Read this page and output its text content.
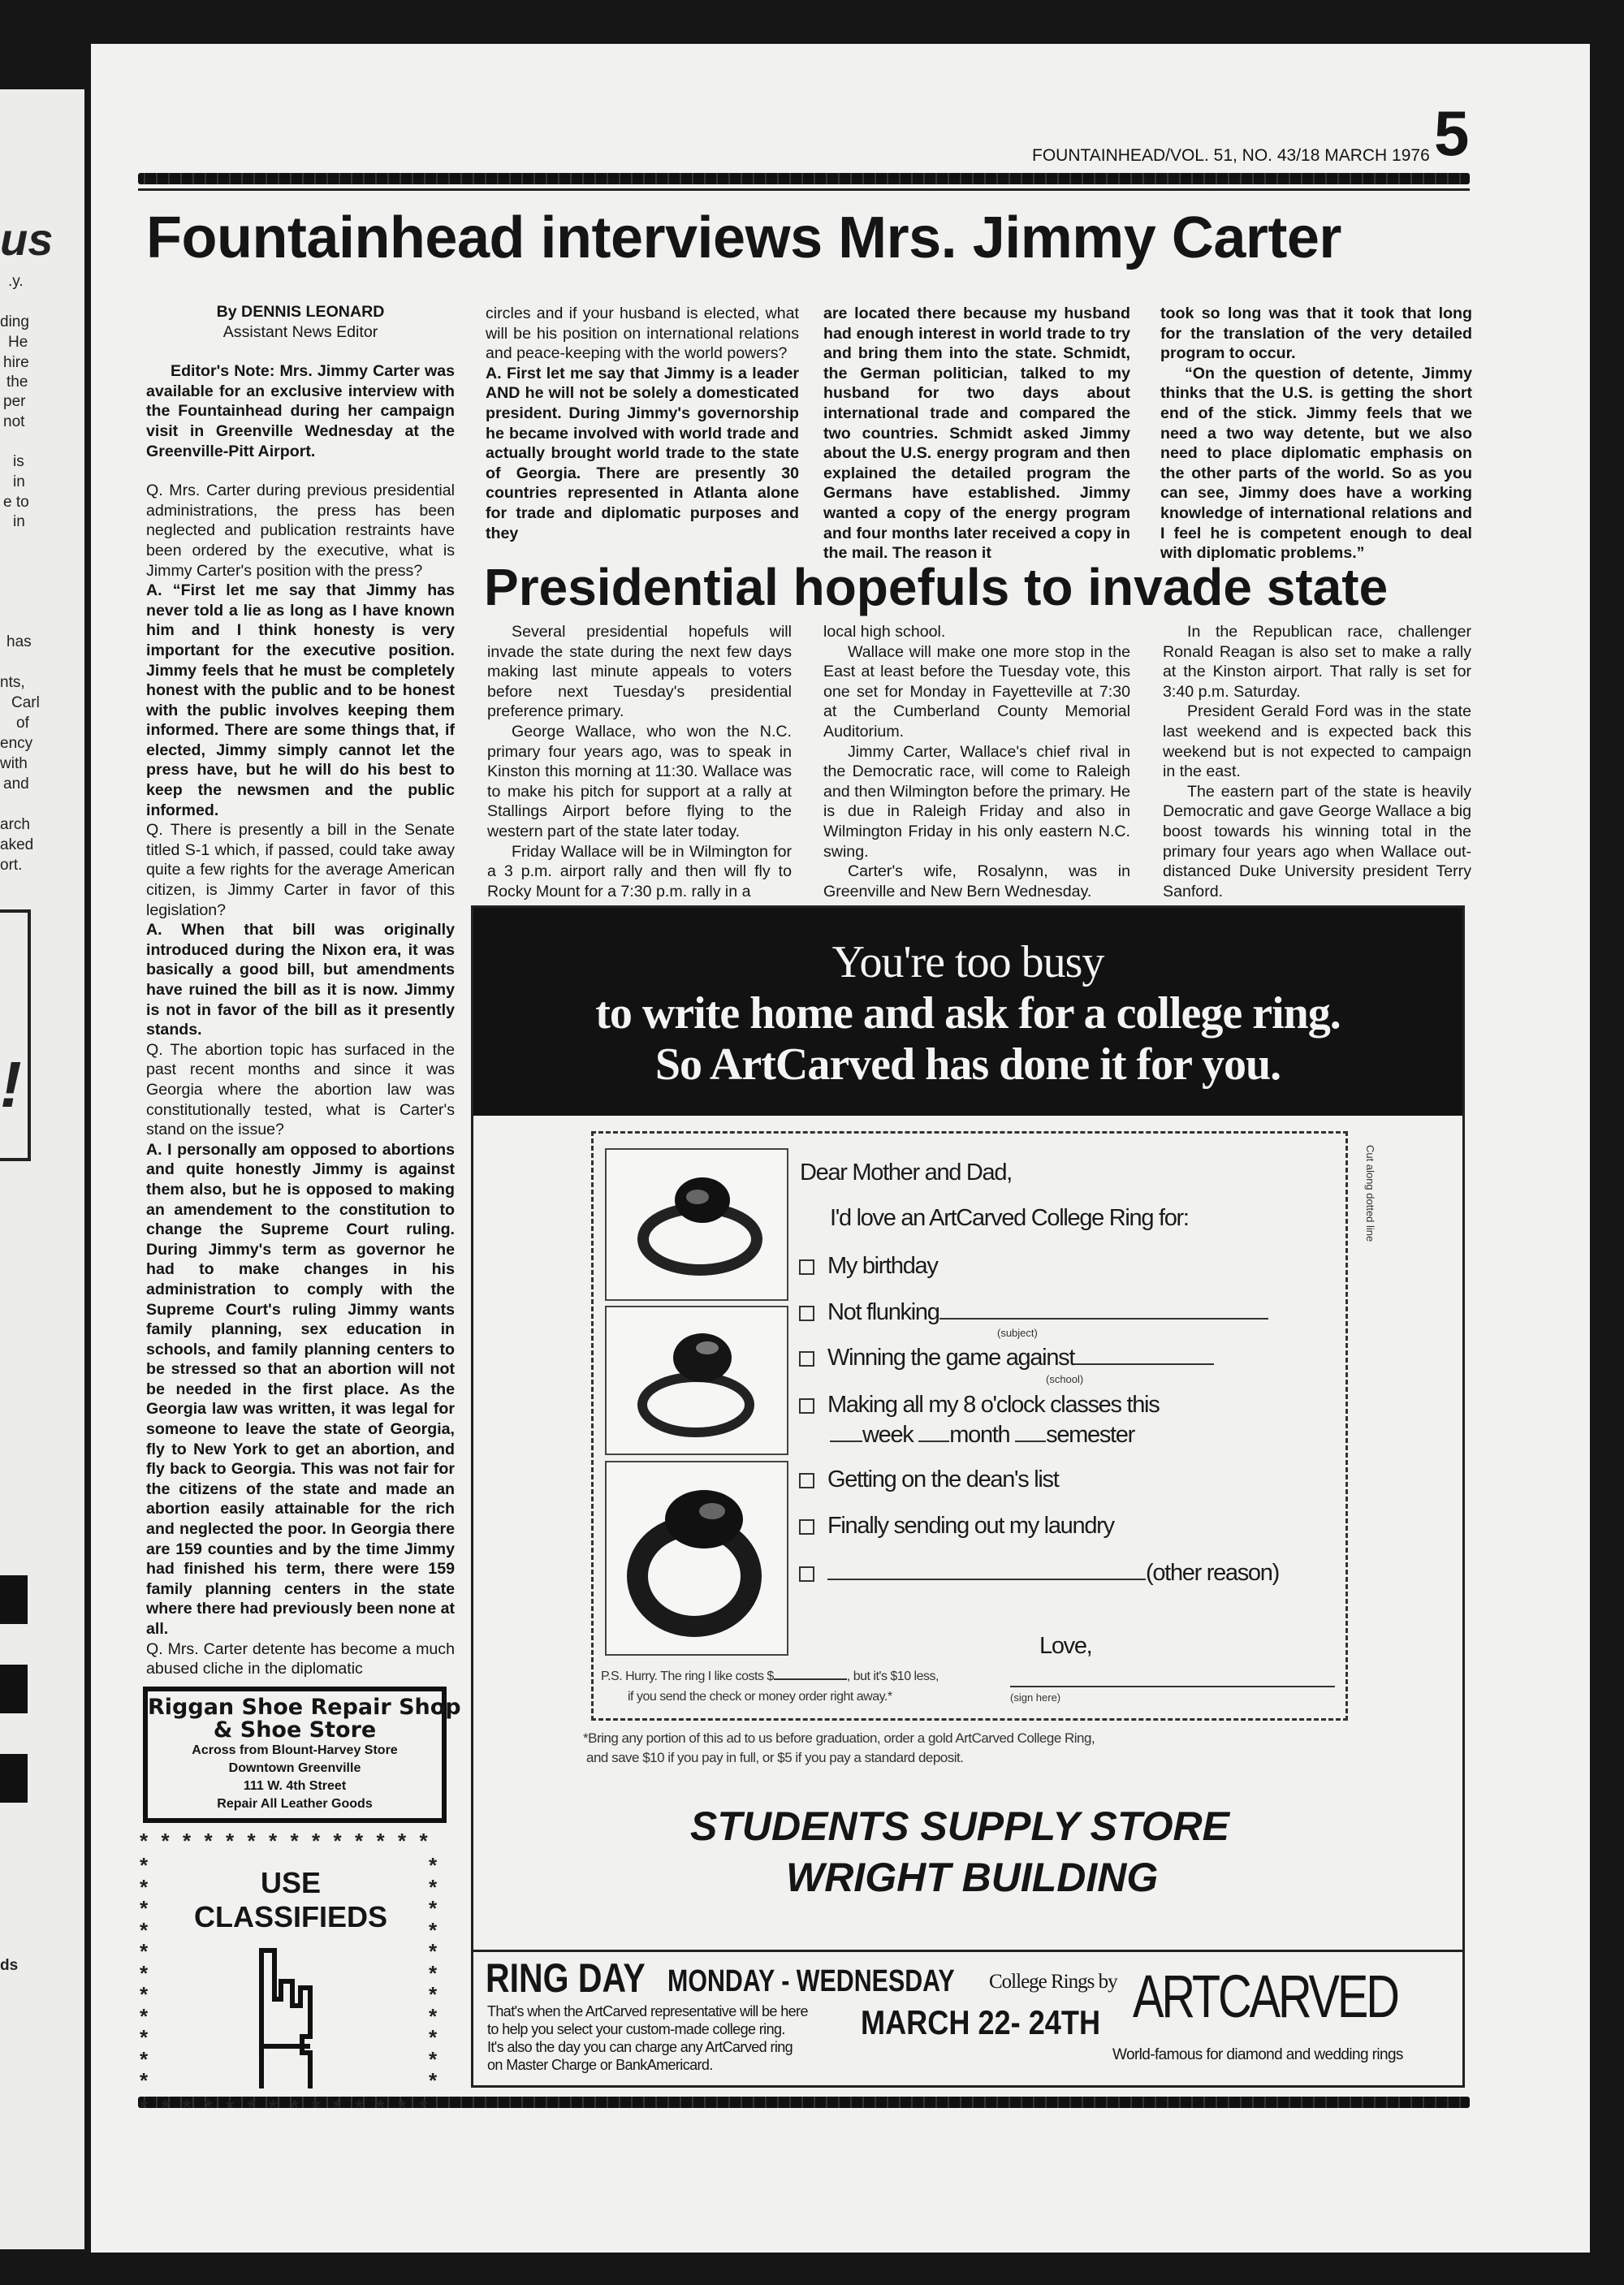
us
.y.
ding
He
hire
the
per
not
is
in
e to
in
has
nts,
Carl
of
ency
with
and
arch
aked
ort.
!
ds
FOUNTAINHEAD/VOL. 51, NO. 43/18 MARCH 1976 5
Fountainhead interviews Mrs. Jimmy Carter

By DENNIS LEONARD

Assistant News Editor

Editor's Note: Mrs. Jimmy Carter was available for an exclusive interview with the Fountainhead during her campaign visit in Greenville Wednesday at the Greenville-Pitt Airport.

Q. Mrs. Carter during previous presidential administrations, the press has been neglected and publication restraints have been ordered by the executive, what is Jimmy Carter's position with the press?

A. “First let me say that Jimmy has never told a lie as long as I have known him and I think honesty is very important for the executive position. Jimmy feels that he must be completely honest with the public and to be honest with the public involves keeping them informed. There are some things that, if elected, Jimmy simply cannot let the press have, but he will do his best to keep the newsmen and the public informed.

Q. There is presently a bill in the Senate titled S-1 which, if passed, could take away quite a few rights for the average American citizen, is Jimmy Carter in favor of this legislation?

A. When that bill was originally introduced during the Nixon era, it was basically a good bill, but amendments have ruined the bill as it is now. Jimmy is not in favor of the bill as it presently stands.

Q. The abortion topic has surfaced in the past recent months and since it was Georgia where the abortion law was constitutionally tested, what is Carter's stand on the issue?

A. I personally am opposed to abortions and quite honestly Jimmy is against them also, but he is opposed to making an amendement to the constitution to change the Supreme Court ruling. During Jimmy's term as governor he had to make changes in his administration to comply with the Supreme Court's ruling Jimmy wants family planning, sex education in schools, and family planning centers to be stressed so that an abortion will not be needed in the first place. As the Georgia law was written, it was legal for someone to leave the state of Georgia, fly to New York to get an abortion, and fly back to Georgia. This was not fair for the citizens of the state and made an abortion easily attainable for the rich and neglected the poor. In Georgia there are 159 counties and by the time Jimmy had finished his term, there were 159 family planning centers in the state where there had previously been none at all.

Q. Mrs. Carter detente has become a much abused cliche in the diplomatic

circles and if your husband is elected, what will be his position on international relations and peace-keeping with the world powers?

A. First let me say that Jimmy is a leader AND he will not be solely a domesticated president. During Jimmy's governorship he became involved with world trade and actually brought world trade to the state of Georgia. There are presently 30 countries represented in Atlanta alone for trade and diplomatic purposes and they

are located there because my husband had enough interest in world trade to try and bring them into the state. Schmidt, the German politician, talked to my husband for two days about international trade and compared the two countries. Schmidt asked Jimmy about the U.S. energy program and then explained the detailed program the Germans have established. Jimmy wanted a copy of the energy program and four months later received a copy in the mail. The reason it

took so long was that it took that long for the translation of the very detailed program to occur.

“On the question of detente, Jimmy thinks that the U.S. is getting the short end of the stick. Jimmy feels that we need a two way detente, but we also need to place diplomatic emphasis on the other parts of the world. So as you can see, Jimmy does have a working knowledge of international relations and I feel he is competent enough to deal with diplomatic problems.”

Presidential hopefuls to invade state

Several presidential hopefuls will invade the state during the next few days making last minute appeals to voters before next Tuesday's presidential preference primary.

George Wallace, who won the N.C. primary four years ago, was to speak in Kinston this morning at 11:30. Wallace was to make his pitch for support at a rally at Stallings Airport before flying to the western part of the state later today.

Friday Wallace will be in Wilmington for a 3 p.m. airport rally and then will fly to Rocky Mount for a 7:30 p.m. rally in a

local high school.

Wallace will make one more stop in the East at least before the Tuesday vote, this one set for Monday in Fayetteville at 7:30 at the Cumberland County Memorial Auditorium.

Jimmy Carter, Wallace's chief rival in the Democratic race, will come to Raleigh and then Wilmington before the primary. He is due in Raleigh Friday and also in Wilmington Friday in his only eastern N.C. swing.

Carter's wife, Rosalynn, was in Greenville and New Bern Wednesday.

In the Republican race, challenger Ronald Reagan is also set to make a rally at the Kinston airport. That rally is set for 3:40 p.m. Saturday.

President Gerald Ford was in the state last weekend and is expected back this weekend but is not expected to campaign in the east.

The eastern part of the state is heavily Democratic and gave George Wallace a big boost towards his winning total in the primary four years ago when Wallace out-distanced Duke University president Terry Sanford.

You're too busy
to write home and ask for a college ring.
So ArtCarved has done it for you.
Cut along dotted line
Dear Mother and Dad,
I'd love an ArtCarved College Ring for:
My birthday
Not flunking
(subject)
Winning the game against
(school)
Making all my 8 o'clock classes this
week month semester
Getting on the dean's list
Finally sending out my laundry
(other reason)
Love,
P.S. Hurry. The ring I like costs $	, but it's $10 less,
if you send the check or money order right away.*	(sign here)
*Bring any portion of this ad to us before graduation, order a gold ArtCarved College Ring,
and save $10 if you pay in full, or $5 if you pay a standard deposit.
STUDENTS SUPPLY STORE
WRIGHT BUILDING
RING DAY MONDAY - WEDNESDAY College Rings by ARTCARVED
MARCH 22- 24TH
That's when the ArtCarved representative will be here
to help you select your custom-made college ring.
It's also the day you can charge any ArtCarved ring
on Master Charge or BankAmericard.
World-famous for diamond and wedding rings
Riggan Shoe Repair Shop
& Shoe Store
Across from Blount-Harvey Store
Downtown Greenville
111 W. 4th Street
Repair All Leather Goods
USE
CLASSIFIEDS
*
*
*
*
*
*
*
*
*
*
*
*
*
*
*
*
*
*
*
*
*
*
*
*
*
*
*
*
*	*
*	*
*	*
*	*
*	*
*	*
*	*
*	*
*	*
*	*
*	*
